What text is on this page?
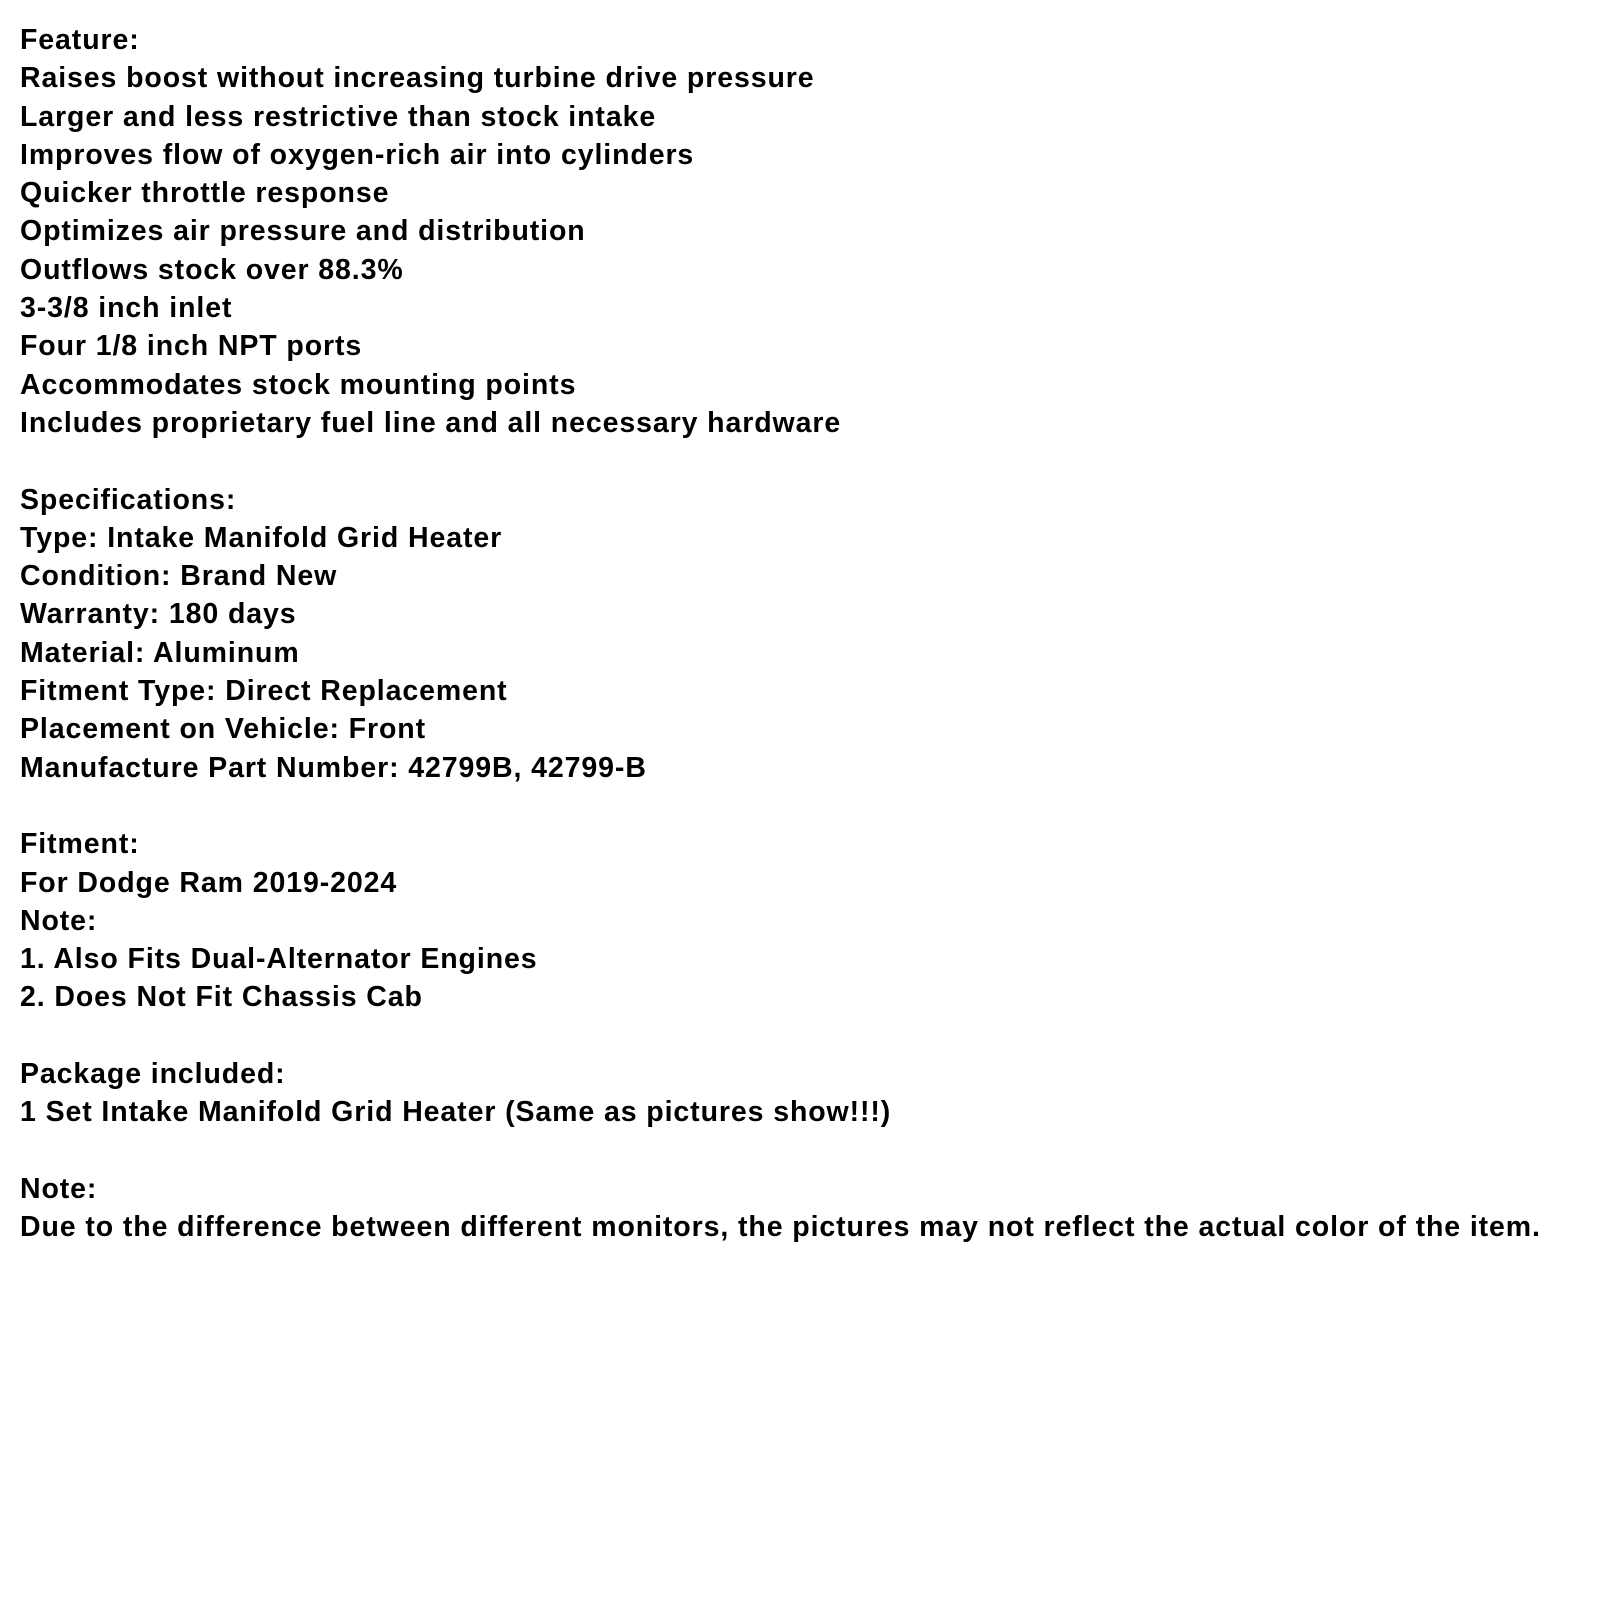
Feature:
Raises boost without increasing turbine drive pressure
Larger and less restrictive than stock intake
Improves flow of oxygen-rich air into cylinders
Quicker throttle response
Optimizes air pressure and distribution
Outflows stock over 88.3%
3-3/8 inch inlet
Four 1/8 inch NPT ports
Accommodates stock mounting points
Includes proprietary fuel line and all necessary hardware
Specifications:
Type: Intake Manifold Grid Heater
Condition: Brand New
Warranty: 180 days
Material: Aluminum
Fitment Type: Direct Replacement
Placement on Vehicle: Front
Manufacture Part Number: 42799B, 42799-B
Fitment:
For Dodge Ram 2019-2024
Note:
1. Also Fits Dual-Alternator Engines
2. Does Not Fit Chassis Cab
Package included:
1 Set Intake Manifold Grid Heater (Same as pictures show!!!)
Note:
Due to the difference between different monitors, the pictures may not reflect the actual color of the item.
